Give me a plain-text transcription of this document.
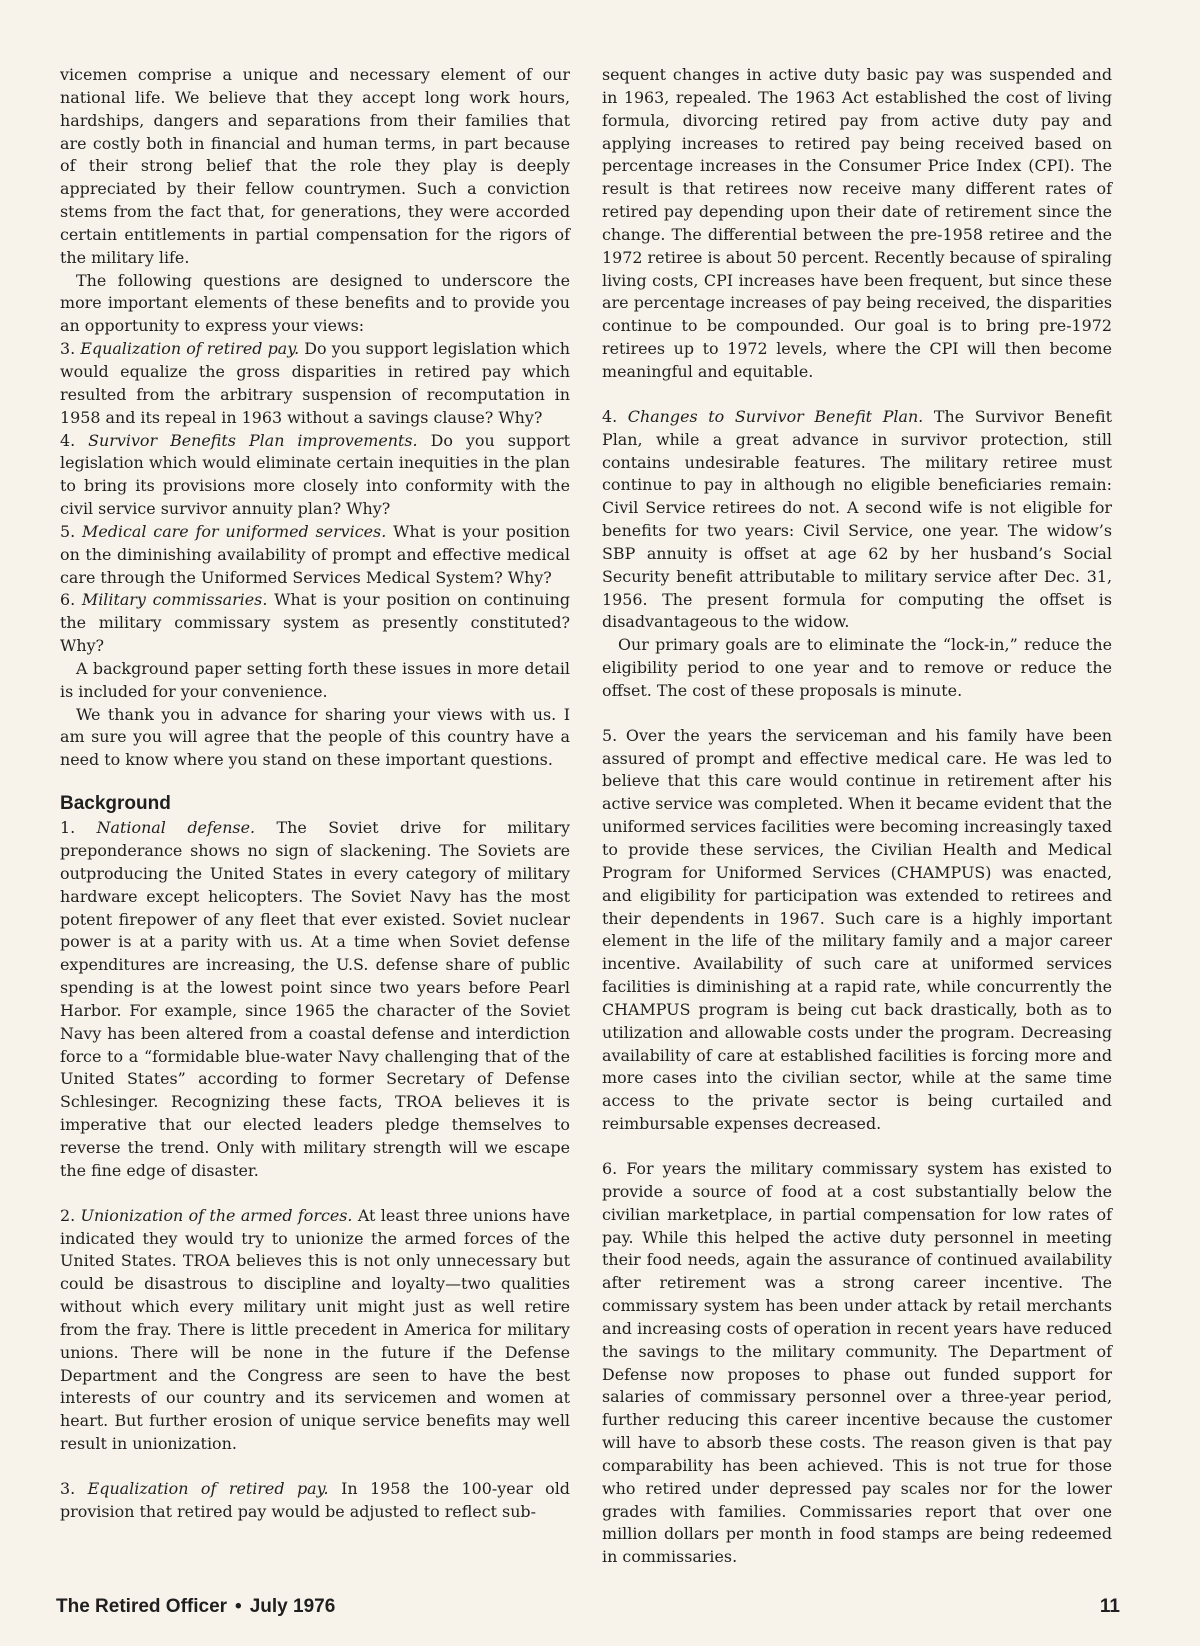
vicemen comprise a unique and necessary element of our national life. We believe that they accept long work hours, hardships, dangers and separations from their families that are costly both in financial and human terms, in part because of their strong belief that the role they play is deeply appreciated by their fellow countrymen. Such a conviction stems from the fact that, for generations, they were accorded certain entitlements in partial compensation for the rigors of the military life.

The following questions are designed to underscore the more important elements of these benefits and to provide you an opportunity to express your views:

3. Equalization of retired pay. Do you support legislation which would equalize the gross disparities in retired pay which resulted from the arbitrary suspension of recomputation in 1958 and its repeal in 1963 without a savings clause? Why?

4. Survivor Benefits Plan improvements. Do you support legislation which would eliminate certain inequities in the plan to bring its provisions more closely into conformity with the civil service survivor annuity plan? Why?

5. Medical care for uniformed services. What is your position on the diminishing availability of prompt and effective medical care through the Uniformed Services Medical System? Why?

6. Military commissaries. What is your position on continuing the military commissary system as presently constituted? Why?

A background paper setting forth these issues in more detail is included for your convenience.

We thank you in advance for sharing your views with us. I am sure you will agree that the people of this country have a need to know where you stand on these important questions.

Background

1. National defense. The Soviet drive for military preponderance shows no sign of slackening. The Soviets are outproducing the United States in every category of military hardware except helicopters. The Soviet Navy has the most potent firepower of any fleet that ever existed. Soviet nuclear power is at a parity with us. At a time when Soviet defense expenditures are increasing, the U.S. defense share of public spending is at the lowest point since two years before Pearl Harbor. For example, since 1965 the character of the Soviet Navy has been altered from a coastal defense and interdiction force to a “formidable blue-water Navy challenging that of the United States” according to former Secretary of Defense Schlesinger. Recognizing these facts, TROA believes it is imperative that our elected leaders pledge themselves to reverse the trend. Only with military strength will we escape the fine edge of disaster.

2. Unionization of the armed forces. At least three unions have indicated they would try to unionize the armed forces of the United States. TROA believes this is not only unnecessary but could be disastrous to discipline and loyalty—two qualities without which every military unit might just as well retire from the fray. There is little precedent in America for military unions. There will be none in the future if the Defense Department and the Congress are seen to have the best interests of our country and its servicemen and women at heart. But further erosion of unique service benefits may well result in unionization.

3. Equalization of retired pay. In 1958 the 100-year old provision that retired pay would be adjusted to reflect sub-

sequent changes in active duty basic pay was suspended and in 1963, repealed. The 1963 Act established the cost of living formula, divorcing retired pay from active duty pay and applying increases to retired pay being received based on percentage increases in the Consumer Price Index (CPI). The result is that retirees now receive many different rates of retired pay depending upon their date of retirement since the change. The differential between the pre-1958 retiree and the 1972 retiree is about 50 percent. Recently because of spiraling living costs, CPI increases have been frequent, but since these are percentage increases of pay being received, the disparities continue to be compounded. Our goal is to bring pre-1972 retirees up to 1972 levels, where the CPI will then become meaningful and equitable.

4. Changes to Survivor Benefit Plan. The Survivor Benefit Plan, while a great advance in survivor protection, still contains undesirable features. The military retiree must continue to pay in although no eligible beneficiaries remain: Civil Service retirees do not. A second wife is not eligible for benefits for two years: Civil Service, one year. The widow’s SBP annuity is offset at age 62 by her husband’s Social Security benefit attributable to military service after Dec. 31, 1956. The present formula for computing the offset is disadvantageous to the widow.

Our primary goals are to eliminate the “lock-in,” reduce the eligibility period to one year and to remove or reduce the offset. The cost of these proposals is minute.

5. Over the years the serviceman and his family have been assured of prompt and effective medical care. He was led to believe that this care would continue in retirement after his active service was completed. When it became evident that the uniformed services facilities were becoming increasingly taxed to provide these services, the Civilian Health and Medical Program for Uniformed Services (CHAMPUS) was enacted, and eligibility for participation was extended to retirees and their dependents in 1967. Such care is a highly important element in the life of the military family and a major career incentive. Availability of such care at uniformed services facilities is diminishing at a rapid rate, while concurrently the CHAMPUS program is being cut back drastically, both as to utilization and allowable costs under the program. Decreasing availability of care at established facilities is forcing more and more cases into the civilian sector, while at the same time access to the private sector is being curtailed and reimbursable expenses decreased.

6. For years the military commissary system has existed to provide a source of food at a cost substantially below the civilian marketplace, in partial compensation for low rates of pay. While this helped the active duty personnel in meeting their food needs, again the assurance of continued availability after retirement was a strong career incentive. The commissary system has been under attack by retail merchants and increasing costs of operation in recent years have reduced the savings to the military community. The Department of Defense now proposes to phase out funded support for salaries of commissary personnel over a three-year period, further reducing this career incentive because the customer will have to absorb these costs. The reason given is that pay comparability has been achieved. This is not true for those who retired under depressed pay scales nor for the lower grades with families. Commissaries report that over one million dollars per month in food stamps are being redeemed in commissaries.

The Retired Officer • July 1976	11
